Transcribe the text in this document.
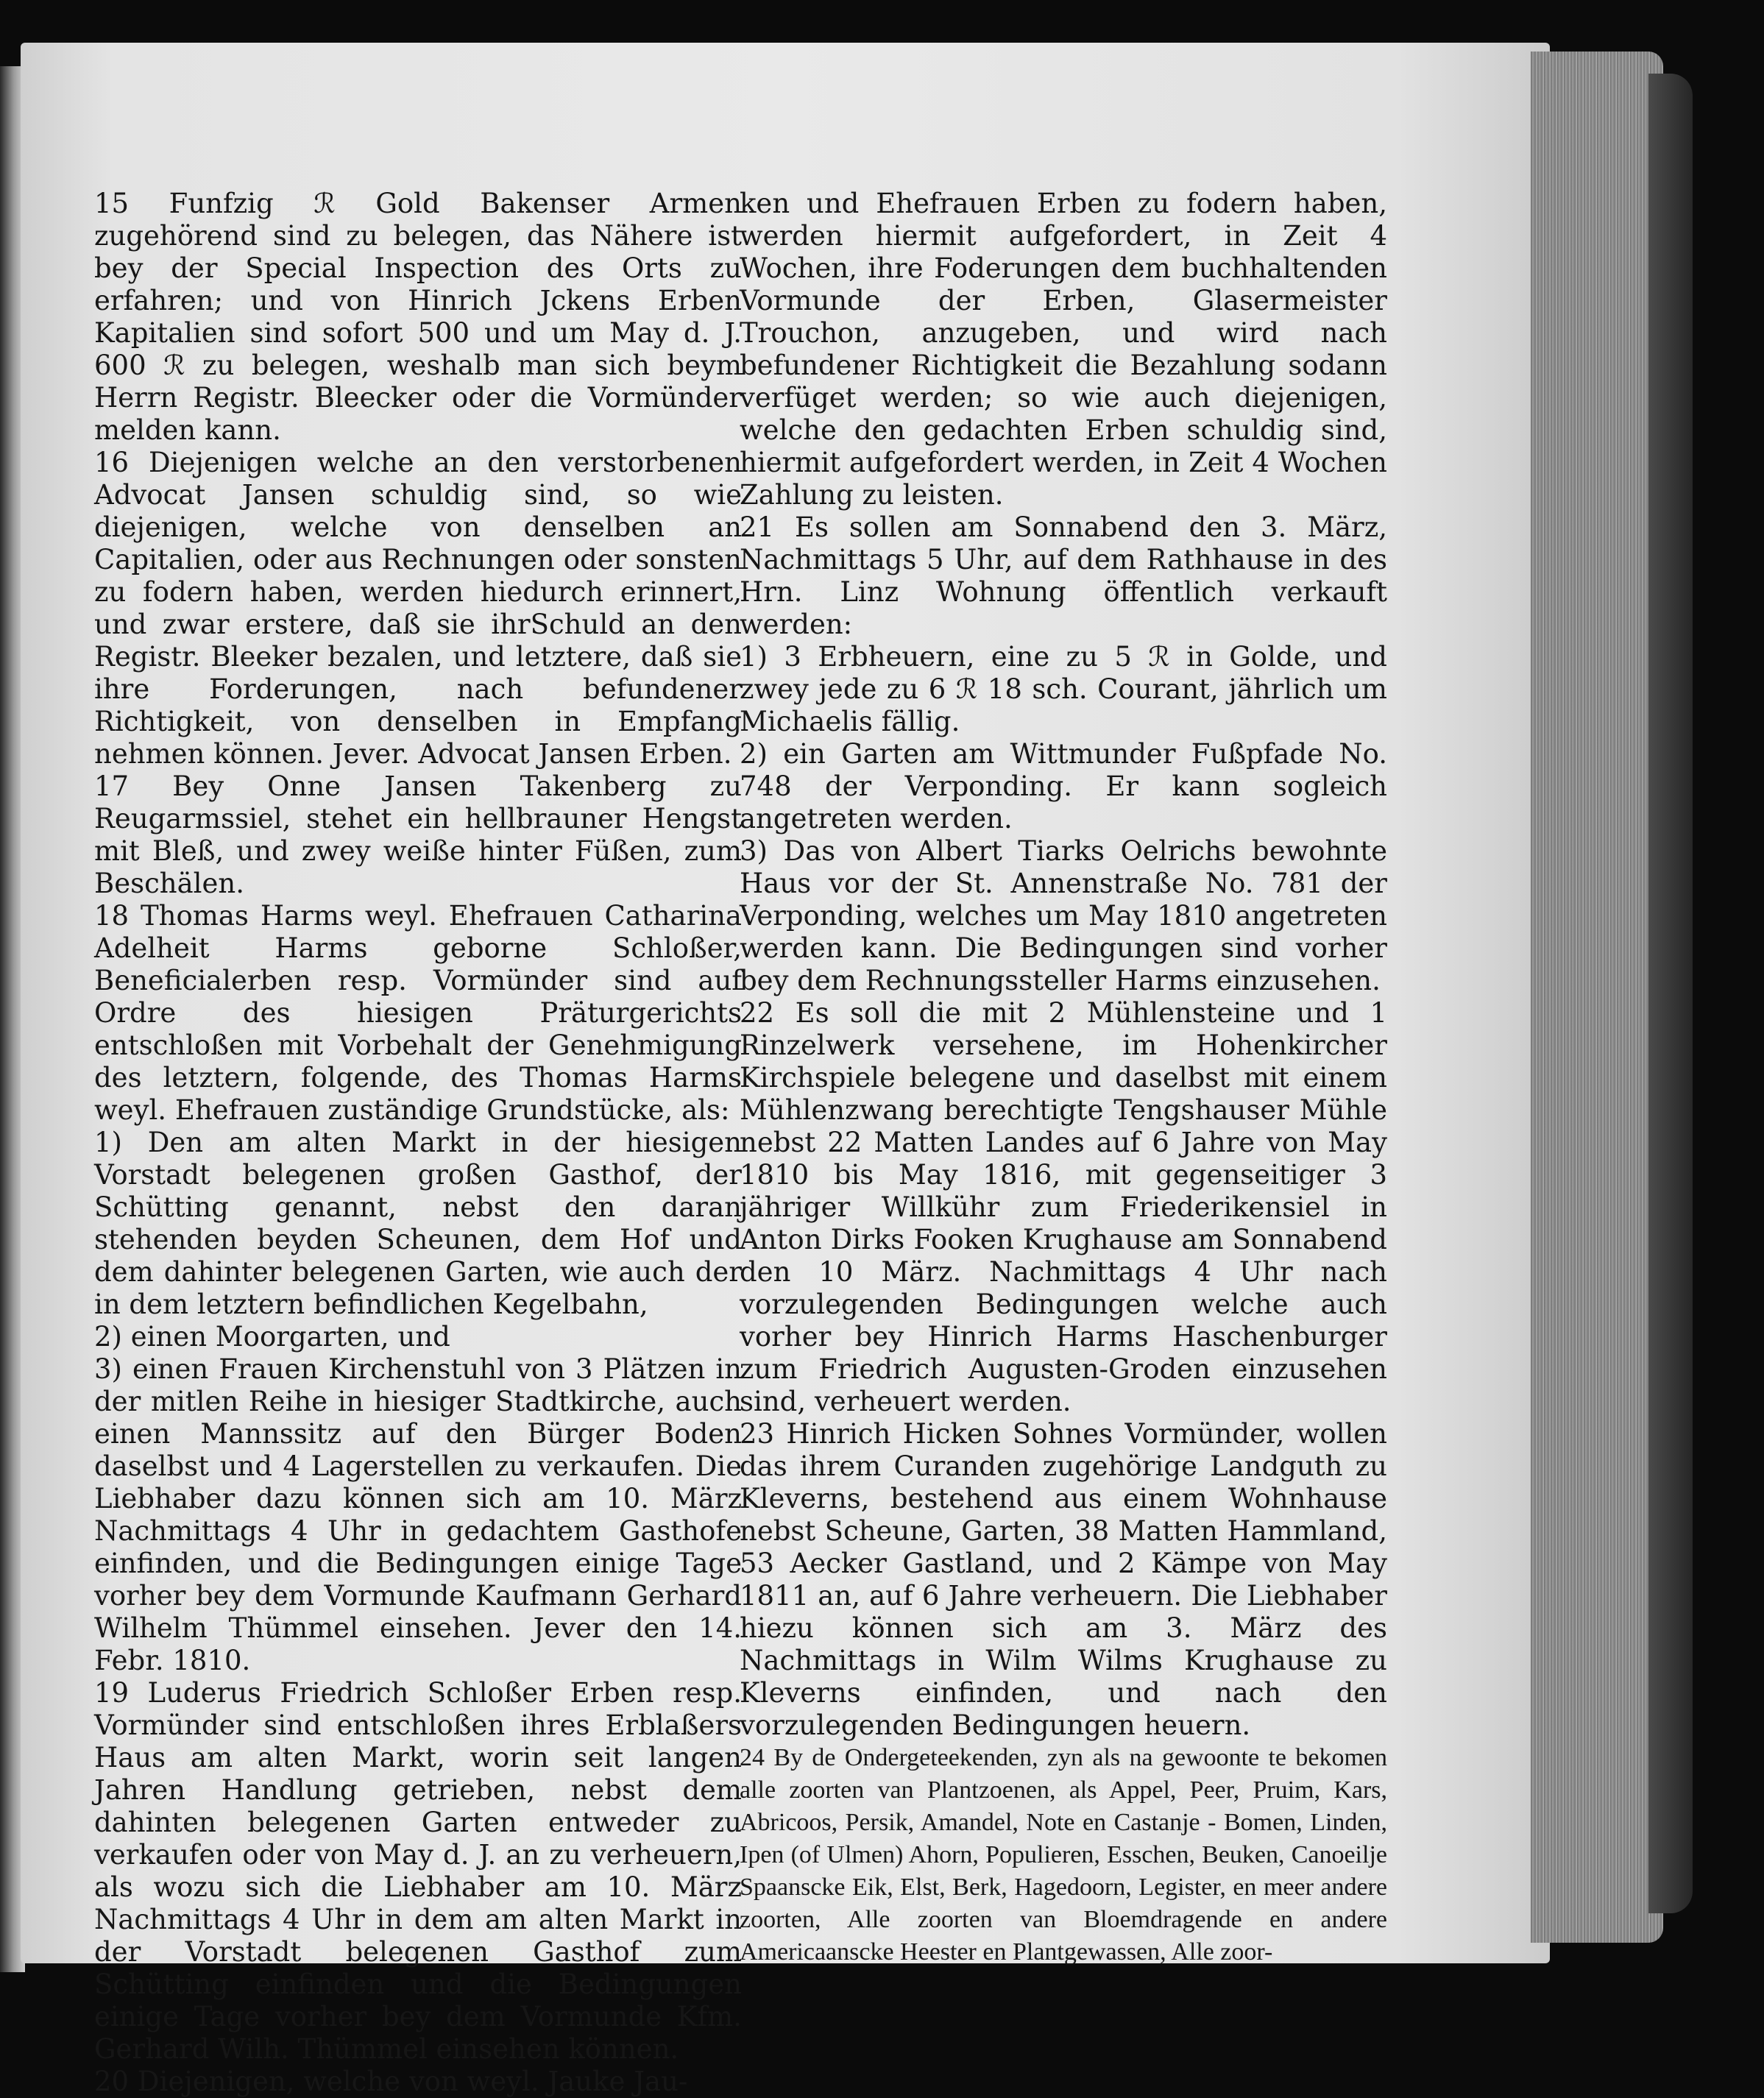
15 Funfzig ℛ Gold Bakenser Armen zugehörend sind zu belegen, das Nähere ist bey der Special Inspection des Orts zu erfahren; und von Hinrich Jckens Erben Kapitalien sind sofort 500 und um May d. J. 600 ℛ zu belegen, weshalb man sich beym Herrn Registr. Bleecker oder die Vormünder melden kann.

16 Diejenigen welche an den verstorbenen Advocat Jansen schuldig sind, so wie diejenigen, welche von denselben an Capitalien, oder aus Rechnungen oder sonsten zu fodern haben, werden hiedurch erinnert, und zwar erstere, daß sie ihrSchuld an den Registr. Bleeker bezalen, und letztere, daß sie ihre Forderungen, nach befundener Richtigkeit, von denselben in Empfang nehmen können. Jever. Advocat Jansen Erben.

17 Bey Onne Jansen Takenberg zu Reugarmssiel, stehet ein hellbrauner Hengst mit Bleß, und zwey weiße hinter Füßen, zum Beschälen.

18 Thomas Harms weyl. Ehefrauen Catharina Adelheit Harms geborne Schloßer, Beneficialerben resp. Vormünder sind auf Ordre des hiesigen Präturgerichts entschloßen mit Vorbehalt der Genehmigung des letztern, folgende, des Thomas Harms weyl. Ehefrauen zuständige Grundstücke, als:

1) Den am alten Markt in der hiesigen Vorstadt belegenen großen Gasthof, der Schütting genannt, nebst den daran stehenden beyden Scheunen, dem Hof und dem dahinter belegenen Garten, wie auch der in dem letztern befindlichen Kegelbahn,

2) einen Moorgarten, und

3) einen Frauen Kirchenstuhl von 3 Plätzen in der mitlen Reihe in hiesiger Stadtkirche, auch einen Mannssitz auf den Bürger Boden daselbst und 4 Lagerstellen zu verkaufen. Die Liebhaber dazu können sich am 10. März Nachmittags 4 Uhr in gedachtem Gasthofe einfinden, und die Bedingungen einige Tage vorher bey dem Vormunde Kaufmann Gerhard Wilhelm Thümmel einsehen. Jever den 14. Febr. 1810.

19 Luderus Friedrich Schloßer Erben resp. Vormünder sind entschloßen ihres Erblaßers Haus am alten Markt, worin seit langen Jahren Handlung getrieben, nebst dem dahinten belegenen Garten entweder zu verkaufen oder von May d. J. an zu verheuern, als wozu sich die Liebhaber am 10. März Nachmittags 4 Uhr in dem am alten Markt in der Vorstadt belegenen Gasthof zum Schütting einfinden und die Bedingungen einige Tage vorher bey dem Vormunde Kfm. Gerhard Wilh. Thümmel einsehen können.

20 Diejenigen, welche von weyl. Jauke Jau-

ken und Ehefrauen Erben zu fodern haben, werden hiermit aufgefordert, in Zeit 4 Wochen, ihre Foderungen dem buchhaltenden Vormunde der Erben, Glasermeister Trouchon, anzugeben, und wird nach befundener Richtigkeit die Bezahlung sodann verfüget werden; so wie auch diejenigen, welche den gedachten Erben schuldig sind, hiermit aufgefordert werden, in Zeit 4 Wochen Zahlung zu leisten.

21 Es sollen am Sonnabend den 3. März, Nachmittags 5 Uhr, auf dem Rathhause in des Hrn. Linz Wohnung öffentlich verkauft werden:

1) 3 Erbheuern, eine zu 5 ℛ in Golde, und zwey jede zu 6 ℛ 18 sch. Courant, jährlich um Michaelis fällig.

2) ein Garten am Wittmunder Fußpfade No. 748 der Verponding. Er kann sogleich angetreten werden.

3) Das von Albert Tiarks Oelrichs bewohnte Haus vor der St. Annenstraße No. 781 der Verponding, welches um May 1810 angetreten werden kann. Die Bedingungen sind vorher bey dem Rechnungssteller Harms einzusehen.

22 Es soll die mit 2 Mühlensteine und 1 Rinzelwerk versehene, im Hohenkircher Kirchspiele belegene und daselbst mit einem Mühlenzwang berechtigte Tengshauser Mühle nebst 22 Matten Landes auf 6 Jahre von May 1810 bis May 1816, mit gegenseitiger 3 jähriger Willkühr zum Friederikensiel in Anton Dirks Fooken Krughause am Sonnabend den 10 März. Nachmittags 4 Uhr nach vorzulegenden Bedingungen welche auch vorher bey Hinrich Harms Haschenburger zum Friedrich Augusten-Groden einzusehen sind, verheuert werden.

23 Hinrich Hicken Sohnes Vormünder, wollen das ihrem Curanden zugehörige Landguth zu Kleverns, bestehend aus einem Wohnhause nebst Scheune, Garten, 38 Matten Hammland, 53 Aecker Gastland, und 2 Kämpe von May 1811 an, auf 6 Jahre verheuern. Die Liebhaber hiezu können sich am 3. März des Nachmittags in Wilm Wilms Krughause zu Kleverns einfinden, und nach den vorzulegenden Bedingungen heuern.

24 By de Ondergeteekenden, zyn als na gewoonte te bekomen alle zoorten van Plantzoenen, als Appel, Peer, Pruim, Kars, Abricoos, Persik, Amandel, Note en Castanje - Bomen, Linden, Ipen (of Ulmen) Ahorn, Populieren, Esschen, Beuken, Canoeilje Spaanscke Eik, Elst, Berk, Hagedoorn, Legister, en meer andere zoorten, Alle zoorten van Bloemdragende en andere Americaanscke Heester en Plantgewassen, Alle zoor-
